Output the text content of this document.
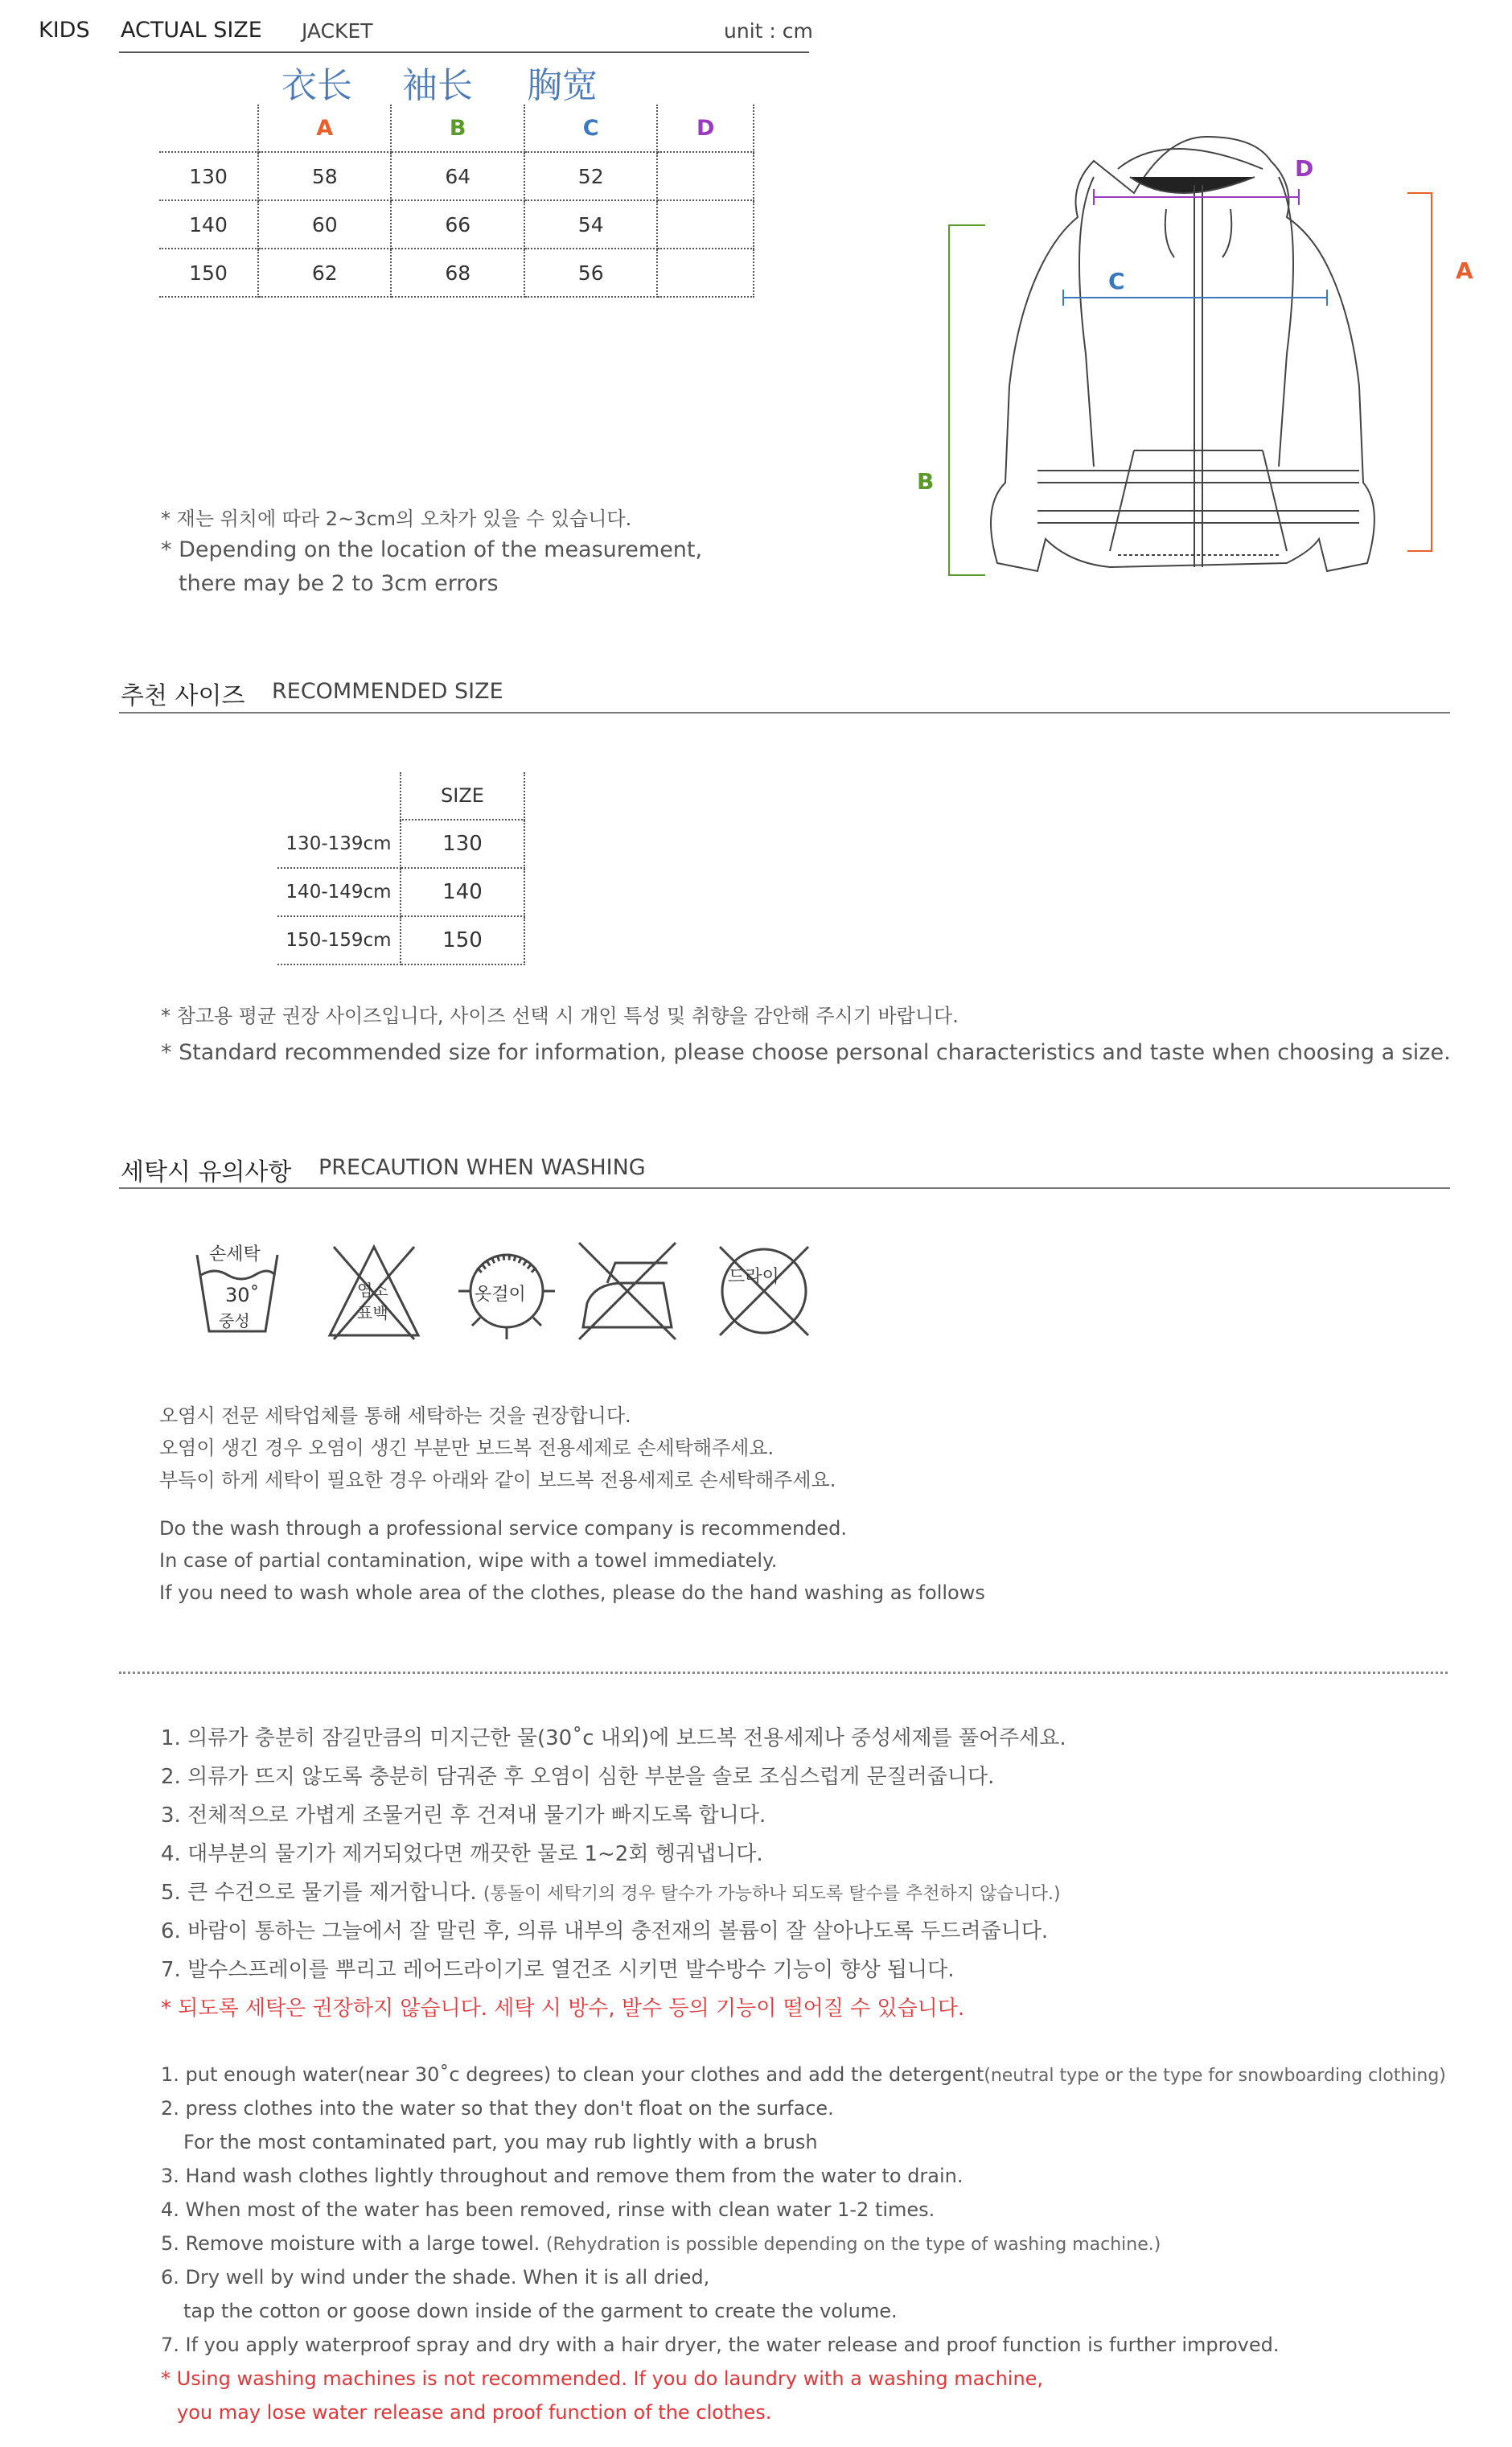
KIDS ACTUAL SIZE JACKET	unit : cm
衣长 袖长 胸宽
	A	B	C	D
130	58	64	52	
140	60	66	54	
150	62	68	56	
* 재는 위치에 따라 2~3cm의 오차가 있을 수 있습니다.
* Depending on the location of the measurement,
there may be 2 to 3cm errors
D
C
B
A
추천 사이즈 RECOMMENDED SIZE
	SIZE
130-139cm	130
140-149cm	140
150-159cm	150
* 참고용 평균 권장 사이즈입니다, 사이즈 선택 시 개인 특성 및 취향을 감안해 주시기 바랍니다.
* Standard recommended size for information, please choose personal characteristics and taste when choosing a size.
세탁시 유의사항 PRECAUTION WHEN WASHING
손세탁
30˚
중성
염소
표백
옷걸이
드라이
오염시 전문 세탁업체를 통해 세탁하는 것을 권장합니다.
오염이 생긴 경우 오염이 생긴 부분만 보드복 전용세제로 손세탁해주세요.
부득이 하게 세탁이 필요한 경우 아래와 같이 보드복 전용세제로 손세탁해주세요.
Do the wash through a professional service company is recommended.
In case of partial contamination, wipe with a towel immediately.
If you need to wash whole area of the clothes, please do the hand washing as follows
1. 의류가 충분히 잠길만큼의 미지근한 물(30˚c 내외)에 보드복 전용세제나 중성세제를 풀어주세요.
2. 의류가 뜨지 않도록 충분히 담궈준 후 오염이 심한 부분을 솔로 조심스럽게 문질러줍니다.
3. 전체적으로 가볍게 조물거린 후 건져내 물기가 빠지도록 합니다.
4. 대부분의 물기가 제거되었다면 깨끗한 물로 1~2회 헹궈냅니다.
5. 큰 수건으로 물기를 제거합니다. (통돌이 세탁기의 경우 탈수가 가능하나 되도록 탈수를 추천하지 않습니다.)
6. 바람이 통하는 그늘에서 잘 말린 후, 의류 내부의 충전재의 볼륨이 잘 살아나도록 두드려줍니다.
7. 발수스프레이를 뿌리고 레어드라이기로 열건조 시키면 발수방수 기능이 향상 됩니다.
* 되도록 세탁은 권장하지 않습니다. 세탁 시 방수, 발수 등의 기능이 떨어질 수 있습니다.
1. put enough water(near 30˚c degrees) to clean your clothes and add the detergent(neutral type or the type for snowboarding clothing)
2. press clothes into the water so that they don't float on the surface.
For the most contaminated part, you may rub lightly with a brush
3. Hand wash clothes lightly throughout and remove them from the water to drain.
4. When most of the water has been removed, rinse with clean water 1-2 times.
5. Remove moisture with a large towel. (Rehydration is possible depending on the type of washing machine.)
6. Dry well by wind under the shade. When it is all dried,
tap the cotton or goose down inside of the garment to create the volume.
7. If you apply waterproof spray and dry with a hair dryer, the water release and proof function is further improved.
* Using washing machines is not recommended. If you do laundry with a washing machine,
you may lose water release and proof function of the clothes.
